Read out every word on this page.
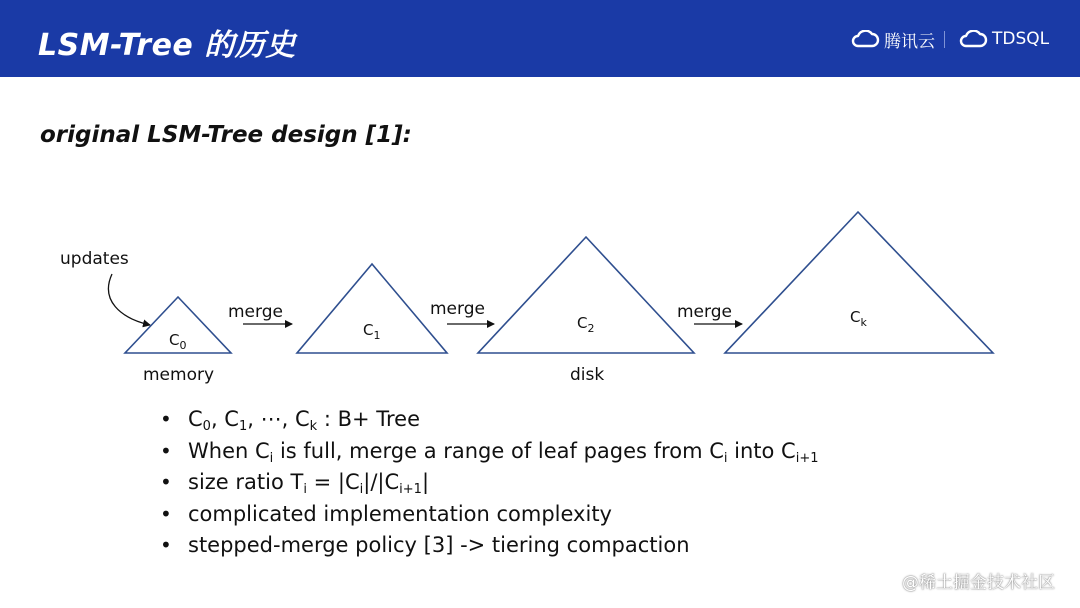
LSM-Tree 的历史	腾讯云	TDSQL
original LSM-Tree design [1]:
updates
$C_0$
$C_1$
$C_2$
$C_k$
merge	merge	merge
memory	disk
• $C_0$, $C_1$, ⋯, $C_k$ : B+ Tree
• When $C_i$ is full, merge a range of leaf pages from $C_i$ into $C_{i+1}$
• size ratio $T_i = |C_i|/|C_{i+1}|$
• complicated implementation complexity
• stepped-merge policy [3] -> tiering compaction
@稀土掘金技术社区
